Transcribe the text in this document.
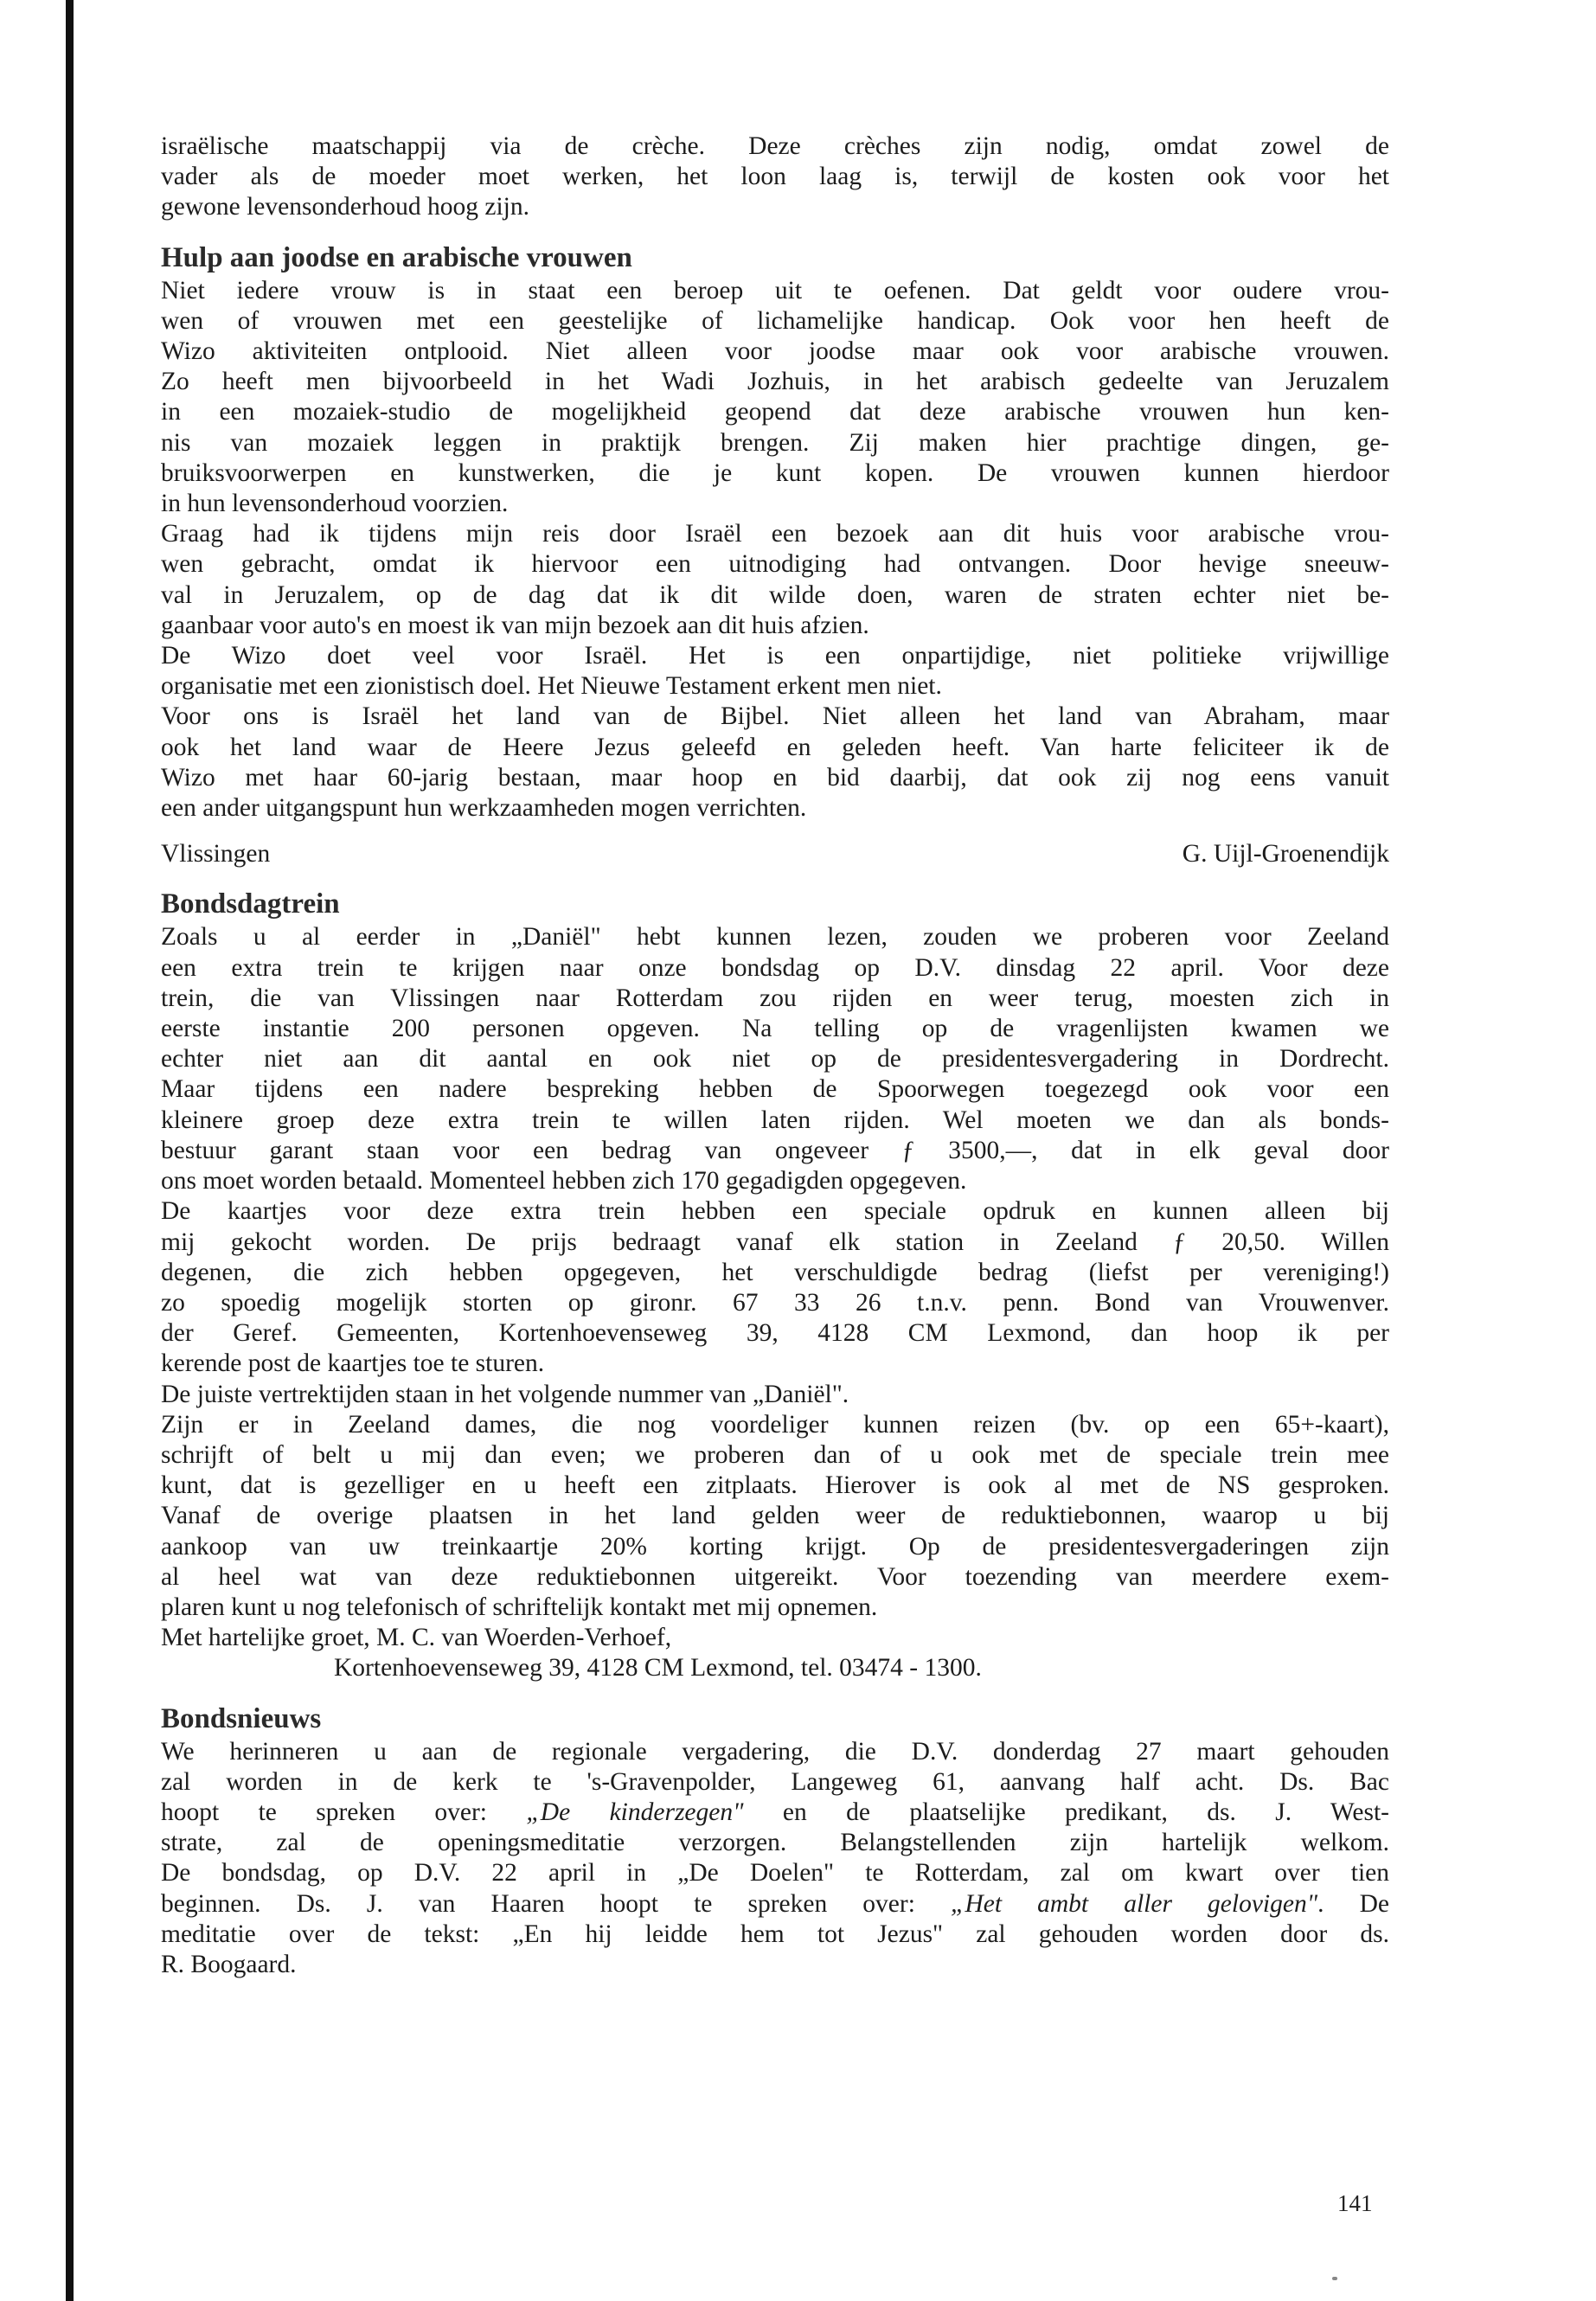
israëlische maatschappij via de crèche. Deze crèches zijn nodig, omdat zowel de
vader als de moeder moet werken, het loon laag is, terwijl de kosten ook voor het
gewone levensonderhoud hoog zijn.

Hulp aan joodse en arabische vrouwen

Niet iedere vrouw is in staat een beroep uit te oefenen. Dat geldt voor oudere vrou-
wen of vrouwen met een geestelijke of lichamelijke handicap. Ook voor hen heeft de
Wizo aktiviteiten ontplooid. Niet alleen voor joodse maar ook voor arabische vrouwen.
Zo heeft men bijvoorbeeld in het Wadi Jozhuis, in het arabisch gedeelte van Jeruzalem
in een mozaiek-studio de mogelijkheid geopend dat deze arabische vrouwen hun ken-
nis van mozaiek leggen in praktijk brengen. Zij maken hier prachtige dingen, ge-
bruiksvoorwerpen en kunstwerken, die je kunt kopen. De vrouwen kunnen hierdoor
in hun levensonderhoud voorzien.
Graag had ik tijdens mijn reis door Israël een bezoek aan dit huis voor arabische vrou-
wen gebracht, omdat ik hiervoor een uitnodiging had ontvangen. Door hevige sneeuw-
val in Jeruzalem, op de dag dat ik dit wilde doen, waren de straten echter niet be-
gaanbaar voor auto's en moest ik van mijn bezoek aan dit huis afzien.
De Wizo doet veel voor Israël. Het is een onpartijdige, niet politieke vrijwillige
organisatie met een zionistisch doel. Het Nieuwe Testament erkent men niet.
Voor ons is Israël het land van de Bijbel. Niet alleen het land van Abraham, maar
ook het land waar de Heere Jezus geleefd en geleden heeft. Van harte feliciteer ik de
Wizo met haar 60-jarig bestaan, maar hoop en bid daarbij, dat ook zij nog eens vanuit
een ander uitgangspunt hun werkzaamheden mogen verrichten.

Vlissingen	G. Uijl-Groenendijk
Bondsdagtrein

Zoals u al eerder in „Daniël" hebt kunnen lezen, zouden we proberen voor Zeeland
een extra trein te krijgen naar onze bondsdag op D.V. dinsdag 22 april. Voor deze
trein, die van Vlissingen naar Rotterdam zou rijden en weer terug, moesten zich in
eerste instantie 200 personen opgeven. Na telling op de vragenlijsten kwamen we
echter niet aan dit aantal en ook niet op de presidentesvergadering in Dordrecht.
Maar tijdens een nadere bespreking hebben de Spoorwegen toegezegd ook voor een
kleinere groep deze extra trein te willen laten rijden. Wel moeten we dan als bonds-
bestuur garant staan voor een bedrag van ongeveer ƒ 3500,—, dat in elk geval door
ons moet worden betaald. Momenteel hebben zich 170 gegadigden opgegeven.
De kaartjes voor deze extra trein hebben een speciale opdruk en kunnen alleen bij
mij gekocht worden. De prijs bedraagt vanaf elk station in Zeeland ƒ 20,50. Willen
degenen, die zich hebben opgegeven, het verschuldigde bedrag (liefst per vereniging!)
zo spoedig mogelijk storten op gironr. 67 33 26 t.n.v. penn. Bond van Vrouwenver.
der Geref. Gemeenten, Kortenhoevenseweg 39, 4128 CM Lexmond, dan hoop ik per
kerende post de kaartjes toe te sturen.
De juiste vertrektijden staan in het volgende nummer van „Daniël".
Zijn er in Zeeland dames, die nog voordeliger kunnen reizen (bv. op een 65+-kaart),
schrijft of belt u mij dan even; we proberen dan of u ook met de speciale trein mee
kunt, dat is gezelliger en u heeft een zitplaats. Hierover is ook al met de NS gesproken.
Vanaf de overige plaatsen in het land gelden weer de reduktiebonnen, waarop u bij
aankoop van uw treinkaartje 20% korting krijgt. Op de presidentesvergaderingen zijn
al heel wat van deze reduktiebonnen uitgereikt. Voor toezending van meerdere exem-
plaren kunt u nog telefonisch of schriftelijk kontakt met mij opnemen.
Met hartelijke groet, M. C. van Woerden-Verhoef,
Kortenhoevenseweg 39, 4128 CM Lexmond, tel. 03474 - 1300.

Bondsnieuws

We herinneren u aan de regionale vergadering, die D.V. donderdag 27 maart gehouden
zal worden in de kerk te 's-Gravenpolder, Langeweg 61, aanvang half acht. Ds. Bac
hoopt te spreken over: „De kinderzegen" en de plaatselijke predikant, ds. J. West-
strate, zal de openingsmeditatie verzorgen. Belangstellenden zijn hartelijk welkom.
De bondsdag, op D.V. 22 april in „De Doelen" te Rotterdam, zal om kwart over tien
beginnen. Ds. J. van Haaren hoopt te spreken over: „Het ambt aller gelovigen". De
meditatie over de tekst: „En hij leidde hem tot Jezus" zal gehouden worden door ds.
R. Boogaard.

141
